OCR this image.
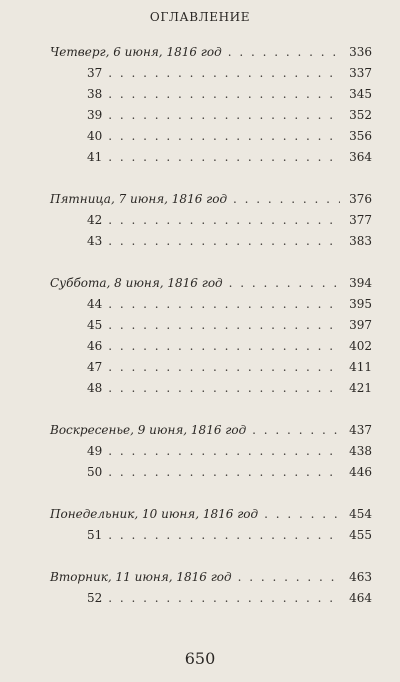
ОГЛАВЛЕНИЕ
Четверг, 6 июня, 1816 год . . .	336
37 . . .	337
38 . . .	345
39 . . .	352
40 . . .	356
41 . . .	364
Пятница, 7 июня, 1816 год . . .	376
42 . . .	377
43 . . .	383
Суббота, 8 июня, 1816 год . . .	394
44 . . .	395
45 . . .	397
46 . . .	402
47 . . .	411
48 . . .	421
Воскресенье, 9 июня, 1816 год . . .	437
49 . . .	438
50 . . .	446
Понедельник, 10 июня, 1816 год . . .	454
51 . . .	455
Вторник, 11 июня, 1816 год . . .	463
52 . . .	464
650
